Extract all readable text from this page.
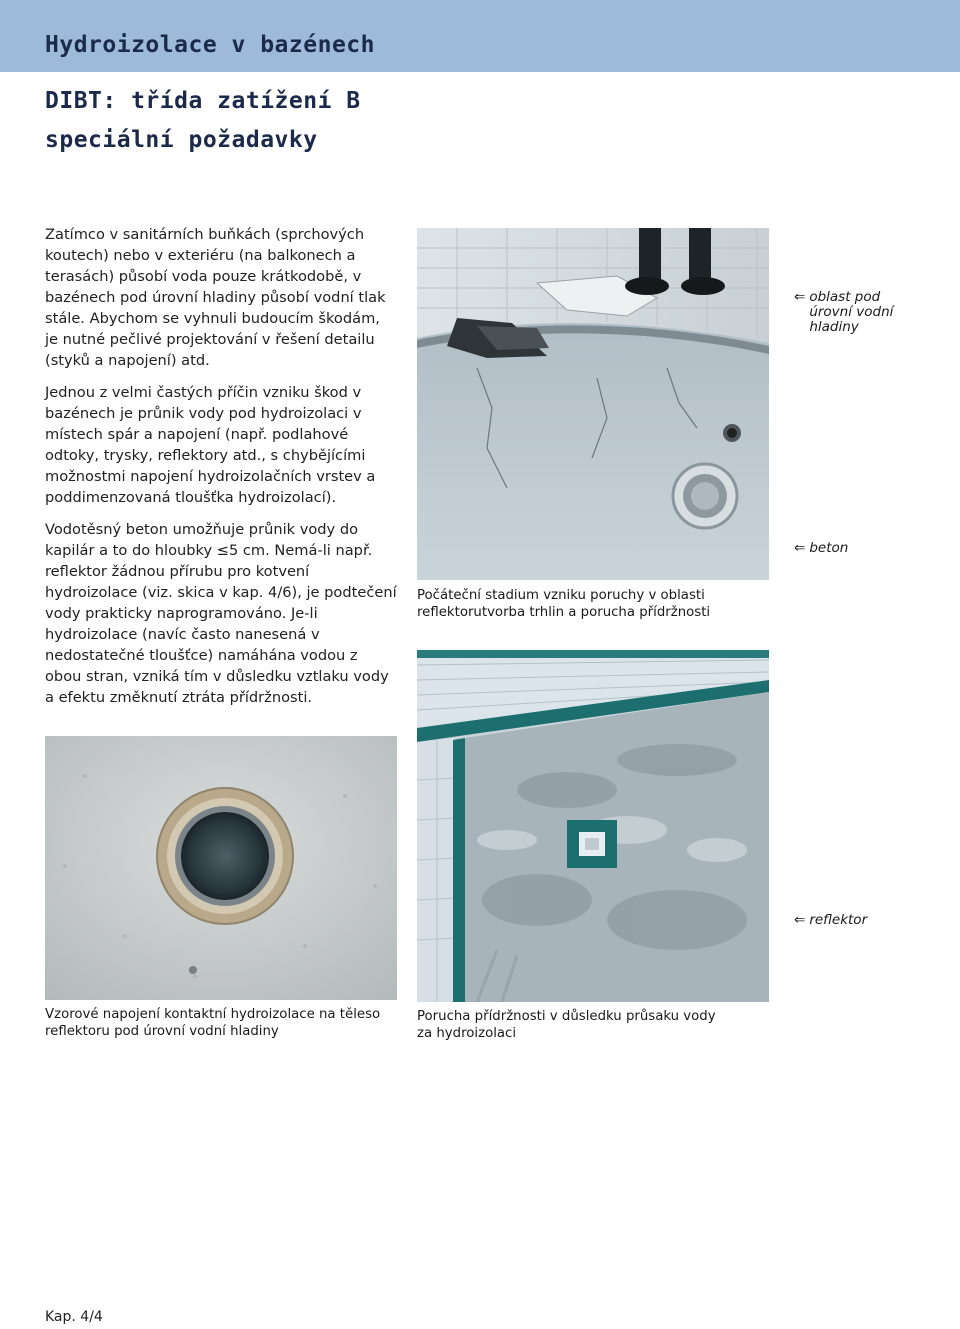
Hydroizolace v bazénech
DIBT: třída zatížení B
speciální požadavky

Zatímco v sanitárních buňkách (sprchových koutech) nebo v exteriéru (na balkonech a terasách) působí voda pouze krátkodobě, v bazénech pod úrovní hladiny působí vodní tlak stále. Abychom se vyhnuli budoucím škodám, je nutné pečlivé projektování v řešení detailu (styků a napojení) atd.

Jednou z velmi častých příčin vzniku škod v bazénech je průnik vody pod hydroizolaci v místech spár a napojení (např. podlahové odtoky, trysky, reflektory atd., s chybějícími možnostmi napojení hydroizolačních vrstev a poddimenzovaná tloušťka hydroizolací).

Vodotěsný beton umožňuje průnik vody do kapilár a to do hloubky ≤5 cm. Nemá-li např. reflektor žádnou přírubu pro kotvení hydroizolace (viz. skica v kap. 4/6), je podtečení vody prakticky naprogramováno. Je-li hydroizolace (navíc často nanesená v nedostatečné tloušťce) namáhána vodou z obou stran, vzniká tím v důsledku vztlaku vody a efektu změknutí ztráta přídržnosti.

⇐ oblast pod
úrovní vodní
hladiny
⇐ beton
⇐ reflektor
Počáteční stadium vzniku poruchy v oblasti reflektorutvorba trhlin a porucha přídržnosti
Vzorové napojení kontaktní hydroizolace na těleso reflektoru pod úrovní vodní hladiny
Porucha přídržnosti v důsledku průsaku vody za hydroizolaci
Kap. 4/4
